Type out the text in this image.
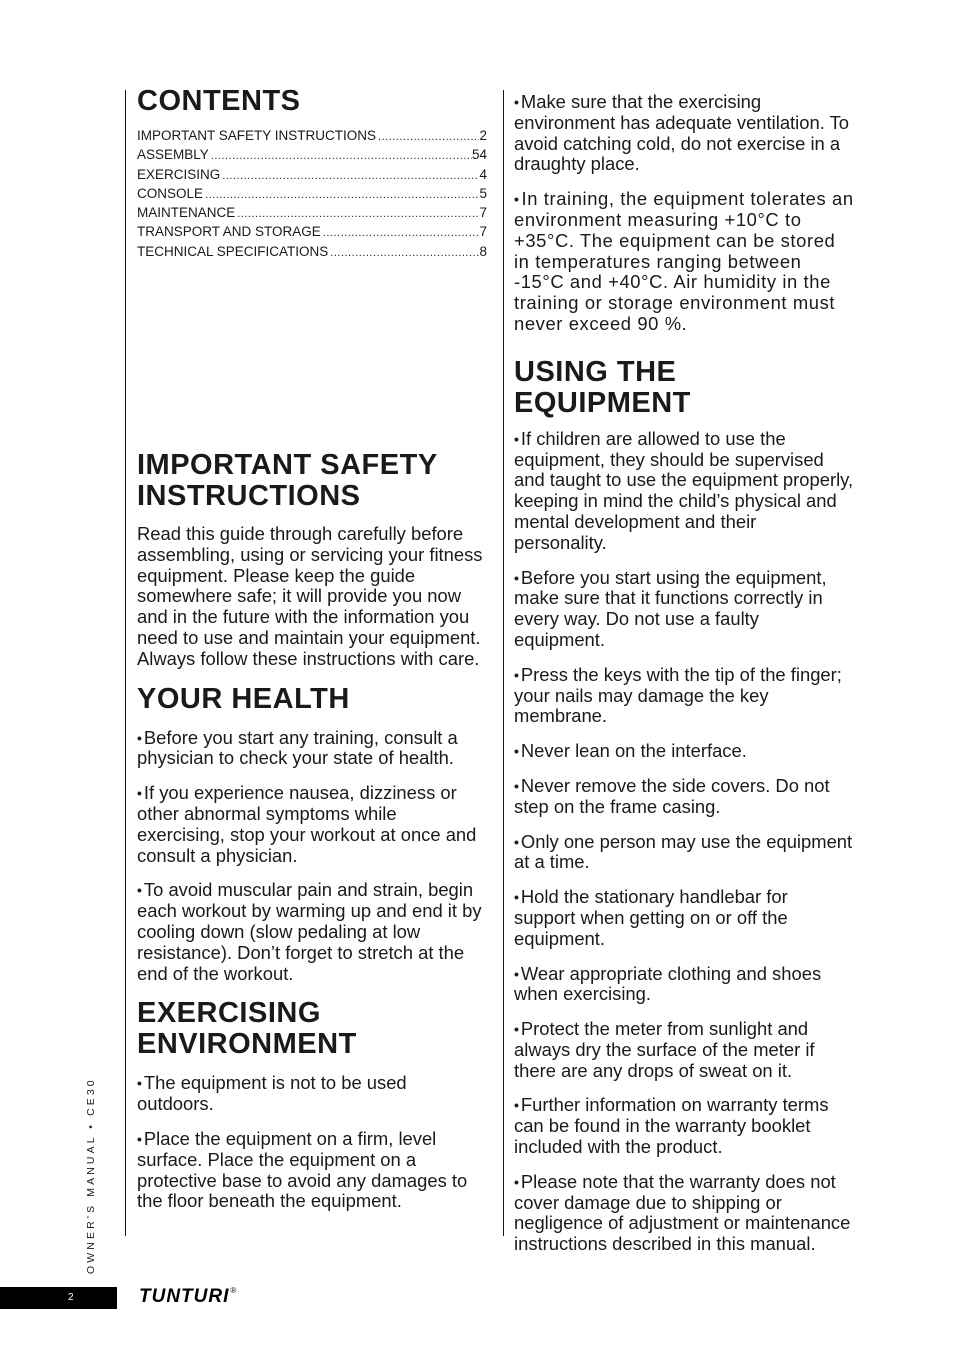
CONTENTS
IMPORTANT SAFETY INSTRUCTIONS .....	2
ASSEMBLY .....	54
EXERCISING .....	4
CONSOLE .....	5
MAINTENANCE .....	7
TRANSPORT AND STORAGE .....	7
TECHNICAL SPECIFICATIONS .....	8
IMPORTANT SAFETY
INSTRUCTIONS

Read this guide through carefully before assembling, using or servicing your fitness equipment. Please keep the guide somewhere safe; it will provide you now and in the future with the information you need to use and maintain your equipment. Always follow these instructions with care.

YOUR HEALTH

• Before you start any training, consult a physician to check your state of health.

• If you experience nausea, dizziness or other abnormal symptoms while exercising, stop your workout at once and consult a physician.

• To avoid muscular pain and strain, begin each workout by warming up and end it by cooling down (slow pedaling at low resistance). Don’t forget to stretch at the end of the workout.

EXERCISING
ENVIRONMENT

• The equipment is not to be used outdoors.

• Place the equipment on a firm, level surface. Place the equipment on a protective base to avoid any damages to the floor beneath the equipment.

• Make sure that the exercising environment has adequate ventilation. To avoid catching cold, do not exercise in a draughty place.

• In training, the equipment tolerates an environment measuring +10°C to +35°C. The equipment can be stored in temperatures ranging between -15°C and +40°C. Air humidity in the training or storage environment must never exceed 90 %.

USING THE EQUIPMENT

• If children are allowed to use the equipment, they should be supervised and taught to use the equipment properly, keeping in mind the child’s physical and mental development and their personality.

• Before you start using the equipment, make sure that it functions correctly in every way. Do not use a faulty equipment.

• Press the keys with the tip of the finger; your nails may damage the key membrane.

• Never lean on the interface.

• Never remove the side covers. Do not step on the frame casing.

• Only one person may use the equipment at a time.

• Hold the stationary handlebar for support when getting on or off the equipment.

• Wear appropriate clothing and shoes when exercising.

• Protect the meter from sunlight and always dry the surface of the meter if there are any drops of sweat on it.

• Further information on warranty terms can be found in the warranty booklet included with the product.

• Please note that the warranty does not cover damage due to shipping or negligence of adjustment or maintenance instructions described in this manual.

OWNER’S MANUAL • CE30
2	TUNTURI®
